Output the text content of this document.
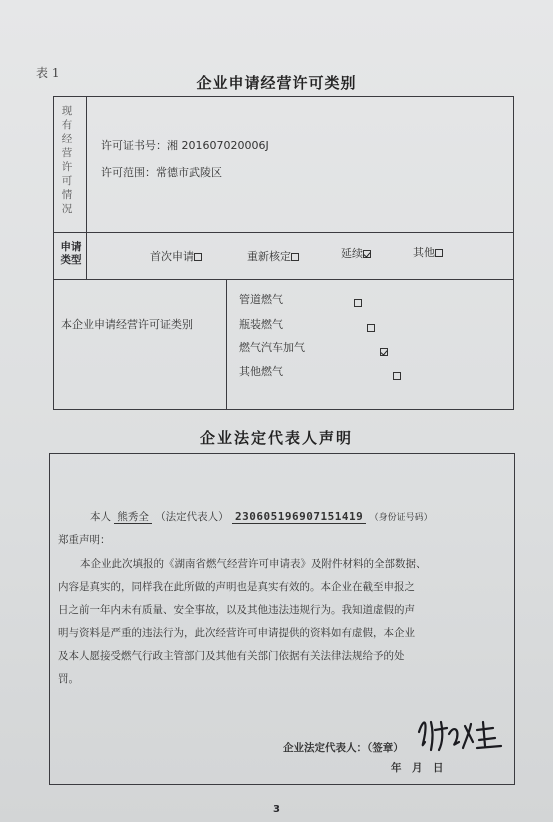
表 1
企业申请经营许可类别
现
有
经
营
许
可
情
况
许可证书号：湘 201607020006J
许可范围：常德市武陵区
申请
类型	首次申请	重新核定	延续	其他
本企业申请经营许可证类别
管道燃气

瓶装燃气

燃气汽车加气

其他燃气
企业法定代表人声明
本人 熊秀全 （法定代表人） 230605196907151419 （身份证号码）
郑重声明：
本企业此次填报的《湖南省燃气经营许可申请表》及附件材料的全部数据、
内容是真实的，同样我在此所做的声明也是真实有效的。本企业在截至申报之
日之前一年内未有质量、安全事故，以及其他违法违规行为。我知道虚假的声
明与资料是严重的违法行为，此次经营许可申请提供的资料如有虚假，本企业
及本人愿接受燃气行政主管部门及其他有关部门依据有关法律法规给予的处
罚。
企业法定代表人：（签章）
年　月　日
3
